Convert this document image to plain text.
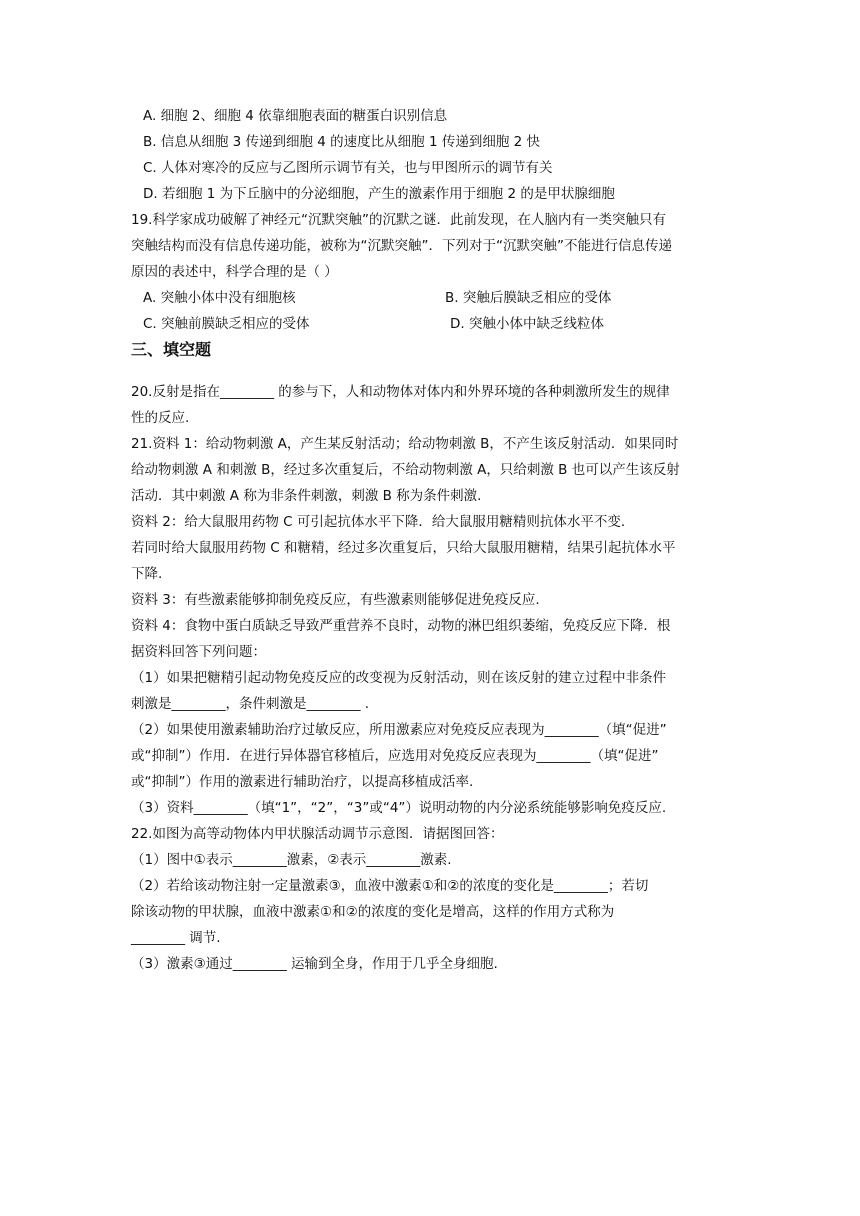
A. 细胞 2、细胞 4 依靠细胞表面的糖蛋白识别信息
B. 信息从细胞 3 传递到细胞 4 的速度比从细胞 1 传递到细胞 2 快
C. 人体对寒冷的反应与乙图所示调节有关，也与甲图所示的调节有关
D. 若细胞 1 为下丘脑中的分泌细胞，产生的激素作用于细胞 2 的是甲状腺细胞
19.科学家成功破解了神经元“沉默突触”的沉默之谜．此前发现，在人脑内有一类突触只有
突触结构而没有信息传递功能，被称为“沉默突触”．下列对于“沉默突触”不能进行信息传递
原因的表述中，科学合理的是（ ）
A. 突触小体中没有细胞核	B. 突触后膜缺乏相应的受体
C. 突触前膜缺乏相应的受体	D. 突触小体中缺乏线粒体
三、填空题
20.反射是指在________ 的参与下，人和动物体对体内和外界环境的各种刺激所发生的规律
性的反应.
21.资料 1：给动物刺激 A，产生某反射活动；给动物刺激 B，不产生该反射活动．如果同时
给动物刺激 A 和刺激 B，经过多次重复后，不给动物刺激 A，只给刺激 B 也可以产生该反射
活动．其中刺激 A 称为非条件刺激，刺激 B 称为条件刺激.
资料 2：给大鼠服用药物 C 可引起抗体水平下降．给大鼠服用糖精则抗体水平不变.
若同时给大鼠服用药物 C 和糖精，经过多次重复后，只给大鼠服用糖精，结果引起抗体水平
下降.
资料 3：有些激素能够抑制免疫反应，有些激素则能够促进免疫反应.
资料 4：食物中蛋白质缺乏导致严重营养不良时，动物的淋巴组织萎缩，免疫反应下降．根
据资料回答下列问题：
（1）如果把糖精引起动物免疫反应的改变视为反射活动，则在该反射的建立过程中非条件
刺激是________，条件刺激是________ .
（2）如果使用激素辅助治疗过敏反应，所用激素应对免疫反应表现为________（填“促进”
或“抑制”）作用．在进行异体器官移植后，应选用对免疫反应表现为________（填“促进”
或“抑制”）作用的激素进行辅助治疗，以提高移植成活率.
（3）资料________（填“1”，“2”，“3”或“4”）说明动物的内分泌系统能够影响免疫反应.
22.如图为高等动物体内甲状腺活动调节示意图．请据图回答：
（1）图中①表示________激素，②表示________激素.
（2）若给该动物注射一定量激素③，血液中激素①和②的浓度的变化是________；若切
除该动物的甲状腺，血液中激素①和②的浓度的变化是增高，这样的作用方式称为
________ 调节.
（3）激素③通过________ 运输到全身，作用于几乎全身细胞.
